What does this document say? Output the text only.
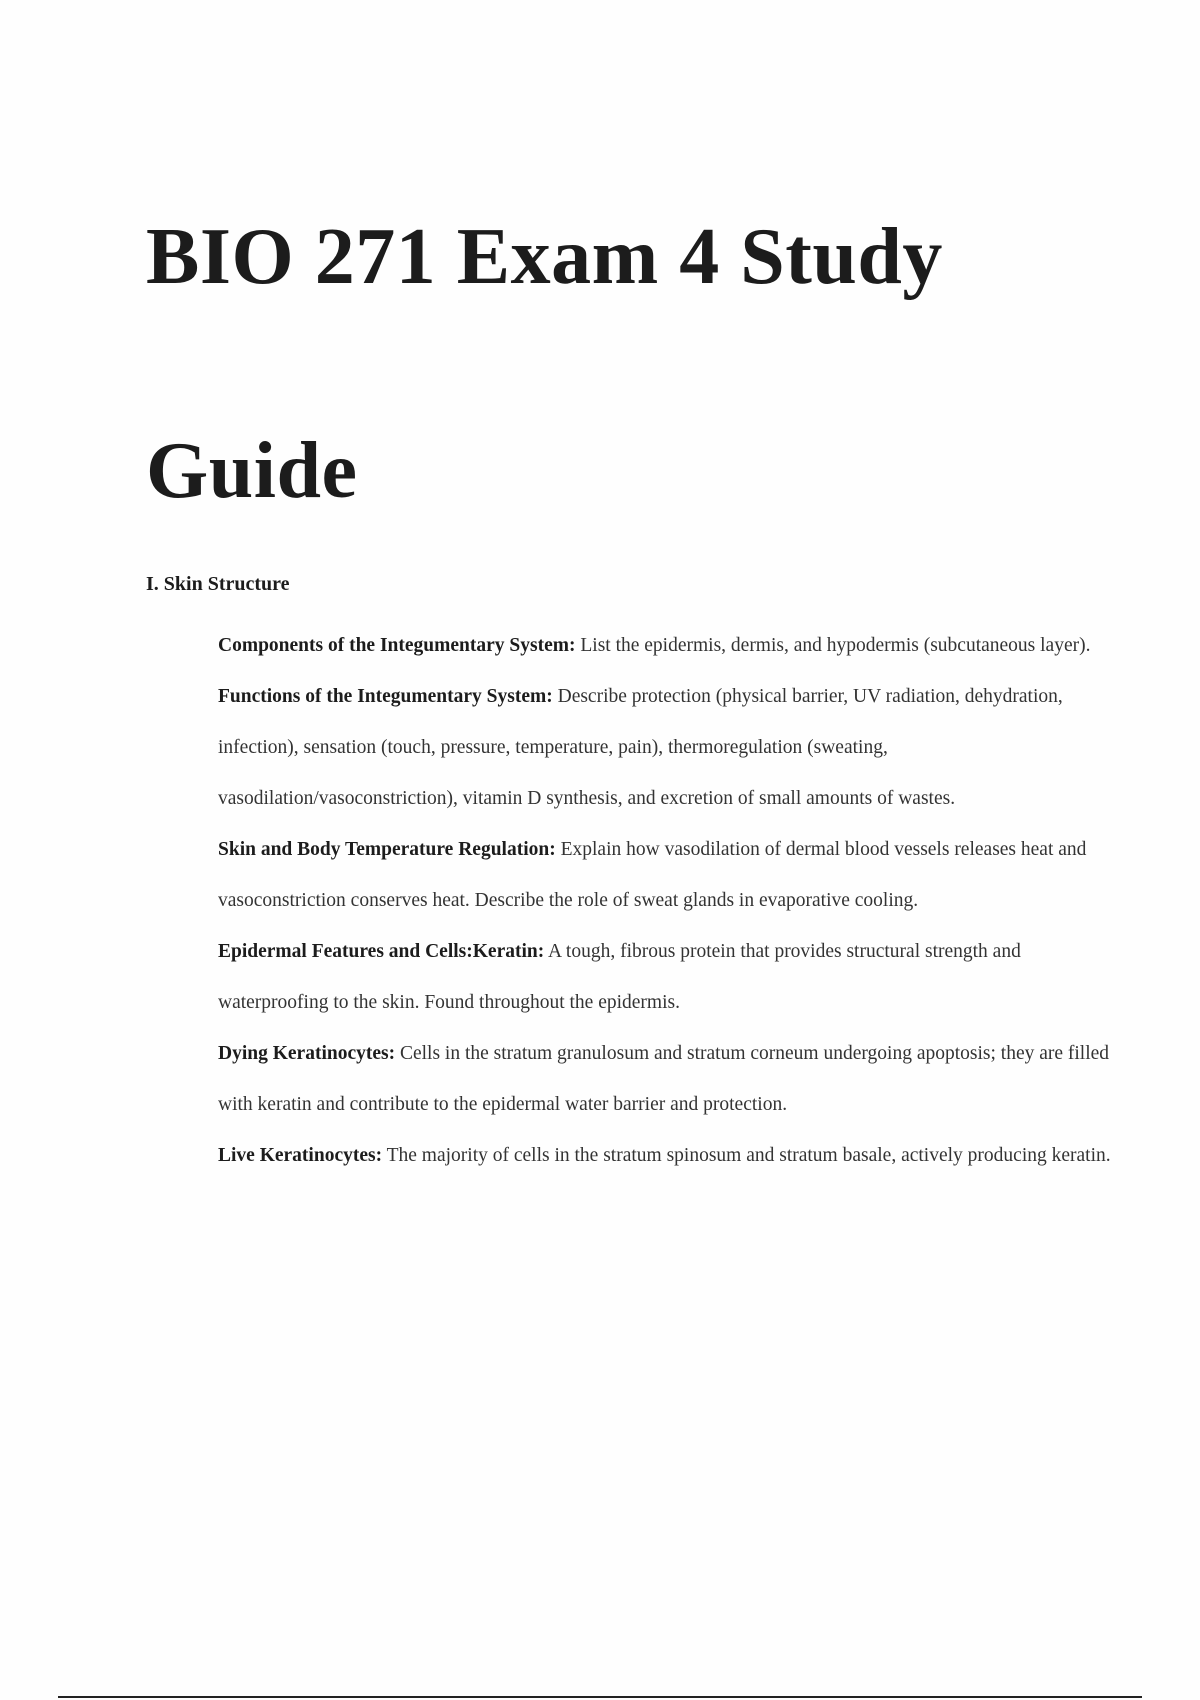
BIO 271 Exam 4 Study
Guide
I. Skin Structure
Components of the Integumentary System: List the epidermis, dermis, and hypodermis (subcutaneous layer).
Functions of the Integumentary System: Describe protection (physical barrier, UV radiation, dehydration, infection), sensation (touch, pressure, temperature, pain), thermoregulation (sweating, vasodilation/vasoconstriction), vitamin D synthesis, and excretion of small amounts of wastes.
Skin and Body Temperature Regulation: Explain how vasodilation of dermal blood vessels releases heat and vasoconstriction conserves heat. Describe the role of sweat glands in evaporative cooling.
Epidermal Features and Cells:Keratin: A tough, fibrous protein that provides structural strength and waterproofing to the skin. Found throughout the epidermis.
Dying Keratinocytes: Cells in the stratum granulosum and stratum corneum undergoing apoptosis; they are filled with keratin and contribute to the epidermal water barrier and protection.
Live Keratinocytes: The majority of cells in the stratum spinosum and stratum basale, actively producing keratin.
